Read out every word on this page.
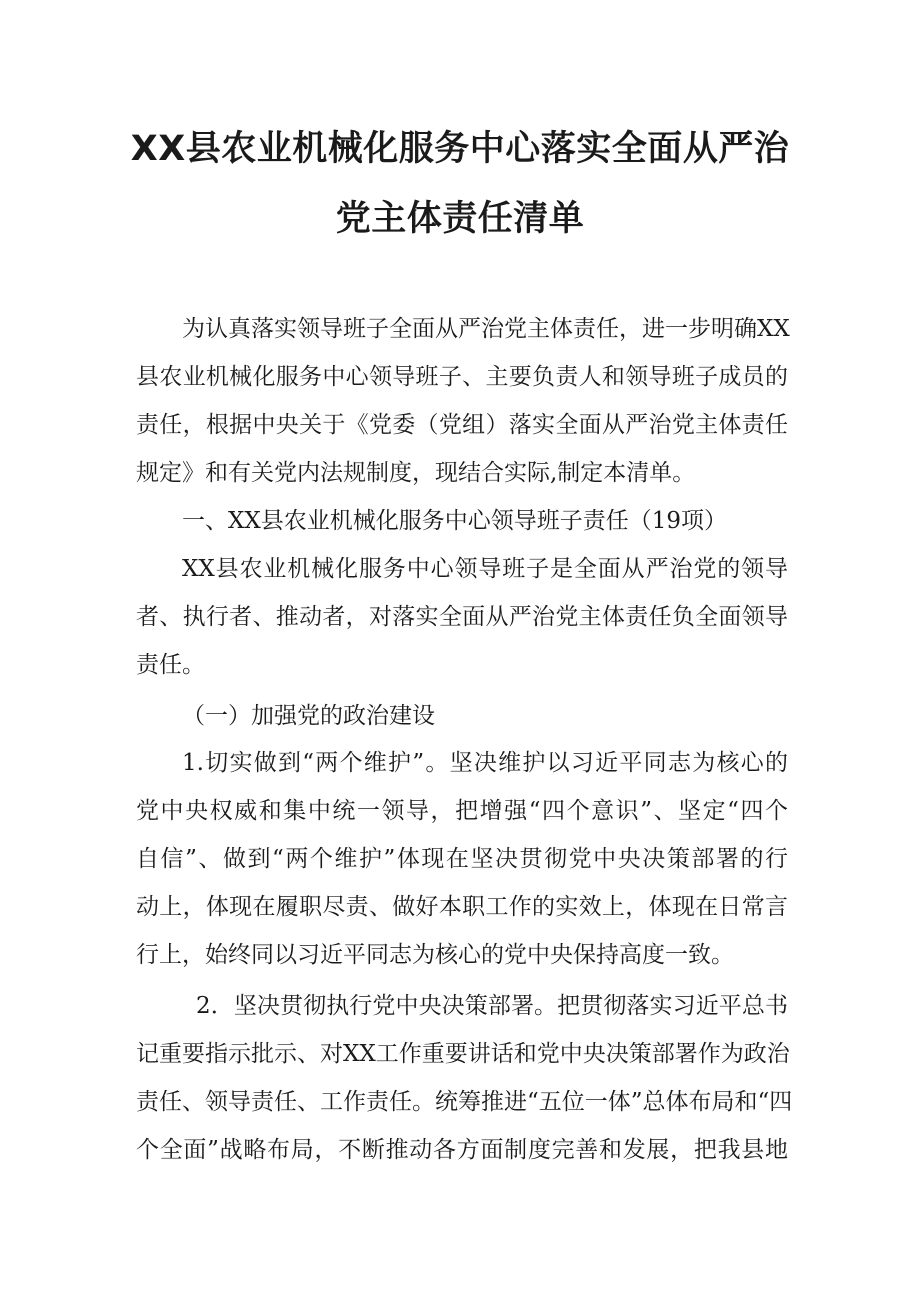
XX县农业机械化服务中心落实全面从严治
党主体责任清单

为认真落实领导班子全面从严治党主体责任，进一步明确XX

县农业机械化服务中心领导班子、主要负责人和领导班子成员的

责任，根据中央关于《党委（党组）落实全面从严治党主体责任

规定》和有关党内法规制度，现结合实际,制定本清单。

一、XX县农业机械化服务中心领导班子责任（19项）

XX县农业机械化服务中心领导班子是全面从严治党的领导

者、执行者、推动者，对落实全面从严治党主体责任负全面领导

责任。

（一）加强党的政治建设

1.切实做到“两个维护”。坚决维护以习近平同志为核心的

党中央权威和集中统一领导，把增强“四个意识”、坚定“四个

自信”、做到“两个维护”体现在坚决贯彻党中央决策部署的行

动上，体现在履职尽责、做好本职工作的实效上，体现在日常言

行上，始终同以习近平同志为核心的党中央保持高度一致。

2．坚决贯彻执行党中央决策部署。把贯彻落实习近平总书

记重要指示批示、对XX工作重要讲话和党中央决策部署作为政治

责任、领导责任、工作责任。统筹推进“五位一体”总体布局和“四

个全面”战略布局，不断推动各方面制度完善和发展，把我县地
